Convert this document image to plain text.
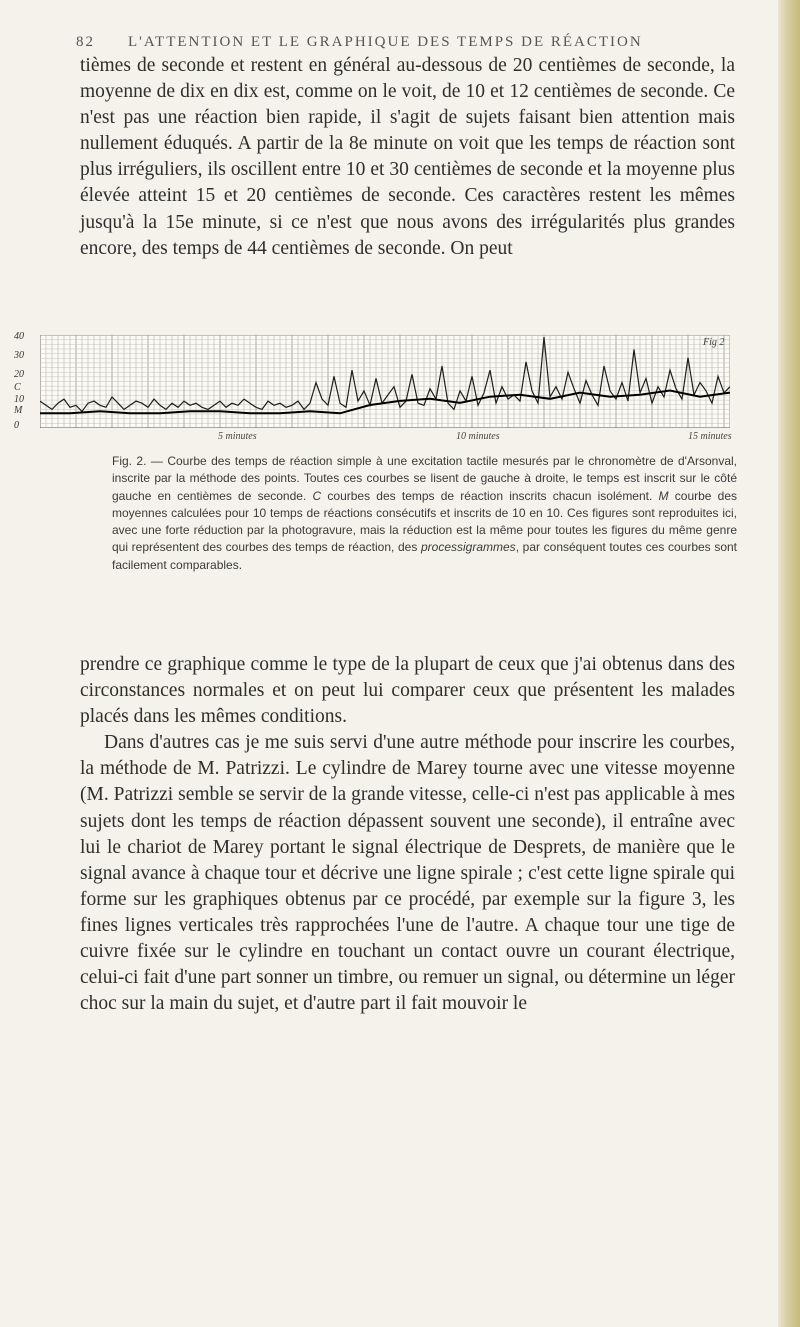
82 L'ATTENTION ET LE GRAPHIQUE DES TEMPS DE RÉACTION

tièmes de seconde et restent en général au-dessous de 20 centièmes de seconde, la moyenne de dix en dix est, comme on le voit, de 10 et 12 centièmes de seconde. Ce n'est pas une réaction bien rapide, il s'agit de sujets faisant bien attention mais nullement éduqués. A partir de la 8e minute on voit que les temps de réaction sont plus irréguliers, ils oscillent entre 10 et 30 centièmes de seconde et la moyenne plus élevée atteint 15 et 20 centièmes de seconde. Ces caractères restent les mêmes jusqu'à la 15e minute, si ce n'est que nous avons des irrégularités plus grandes encore, des temps de 44 centièmes de seconde. On peut

40
30
20
C
10
M
0
Fig 2
5 minutes	10 minutes	15 minutes

Fig. 2. — Courbe des temps de réaction simple à une excitation tactile mesurés par le chronomètre de d'Arsonval, inscrite par la méthode des points. Toutes ces courbes se lisent de gauche à droite, le temps est inscrit sur le côté gauche en centièmes de seconde. C courbes des temps de réaction inscrits chacun isolément. M courbe des moyennes calculées pour 10 temps de réactions consécutifs et inscrits de 10 en 10. Ces figures sont reproduites ici, avec une forte réduction par la photogravure, mais la réduction est la même pour toutes les figures du même genre qui représentent des courbes des temps de réaction, des processigrammes, par conséquent toutes ces courbes sont facilement comparables.

prendre ce graphique comme le type de la plupart de ceux que j'ai obtenus dans des circonstances normales et on peut lui comparer ceux que présentent les malades placés dans les mêmes conditions.

Dans d'autres cas je me suis servi d'une autre méthode pour inscrire les courbes, la méthode de M. Patrizzi. Le cylindre de Marey tourne avec une vitesse moyenne (M. Patrizzi semble se servir de la grande vitesse, celle-ci n'est pas applicable à mes sujets dont les temps de réaction dépassent souvent une seconde), il entraîne avec lui le chariot de Marey portant le signal électrique de Desprets, de manière que le signal avance à chaque tour et décrive une ligne spirale ; c'est cette ligne spirale qui forme sur les graphiques obtenus par ce procédé, par exemple sur la figure 3, les fines lignes verticales très rapprochées l'une de l'autre. A chaque tour une tige de cuivre fixée sur le cylindre en touchant un contact ouvre un courant électrique, celui-ci fait d'une part sonner un timbre, ou remuer un signal, ou détermine un léger choc sur la main du sujet, et d'autre part il fait mouvoir le
